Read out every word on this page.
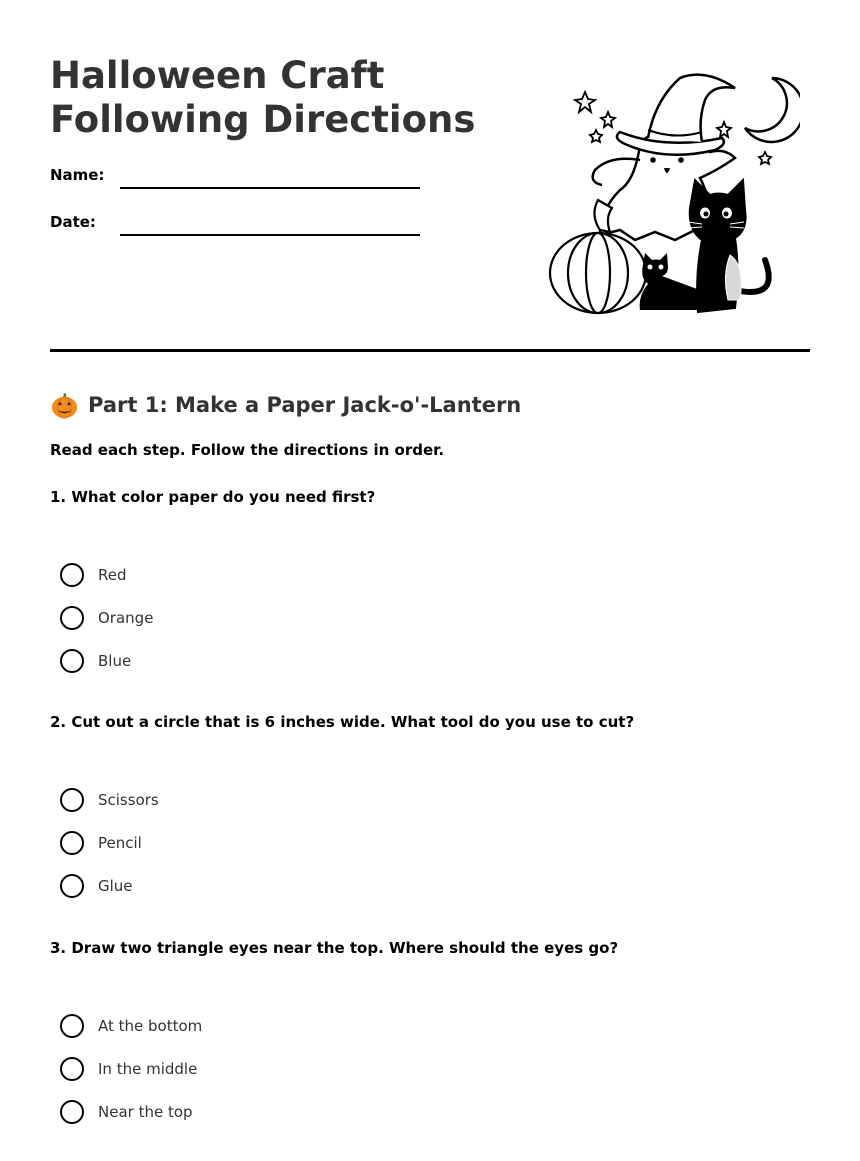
Halloween Craft
Following Directions
Name:
Date:
Part 1: Make a Paper Jack-o'-Lantern
Read each step. Follow the directions in order.
1. What color paper do you need first?
Red
Orange
Blue
2. Cut out a circle that is 6 inches wide. What tool do you use to cut?
Scissors
Pencil
Glue
3. Draw two triangle eyes near the top. Where should the eyes go?
At the bottom
In the middle
Near the top
